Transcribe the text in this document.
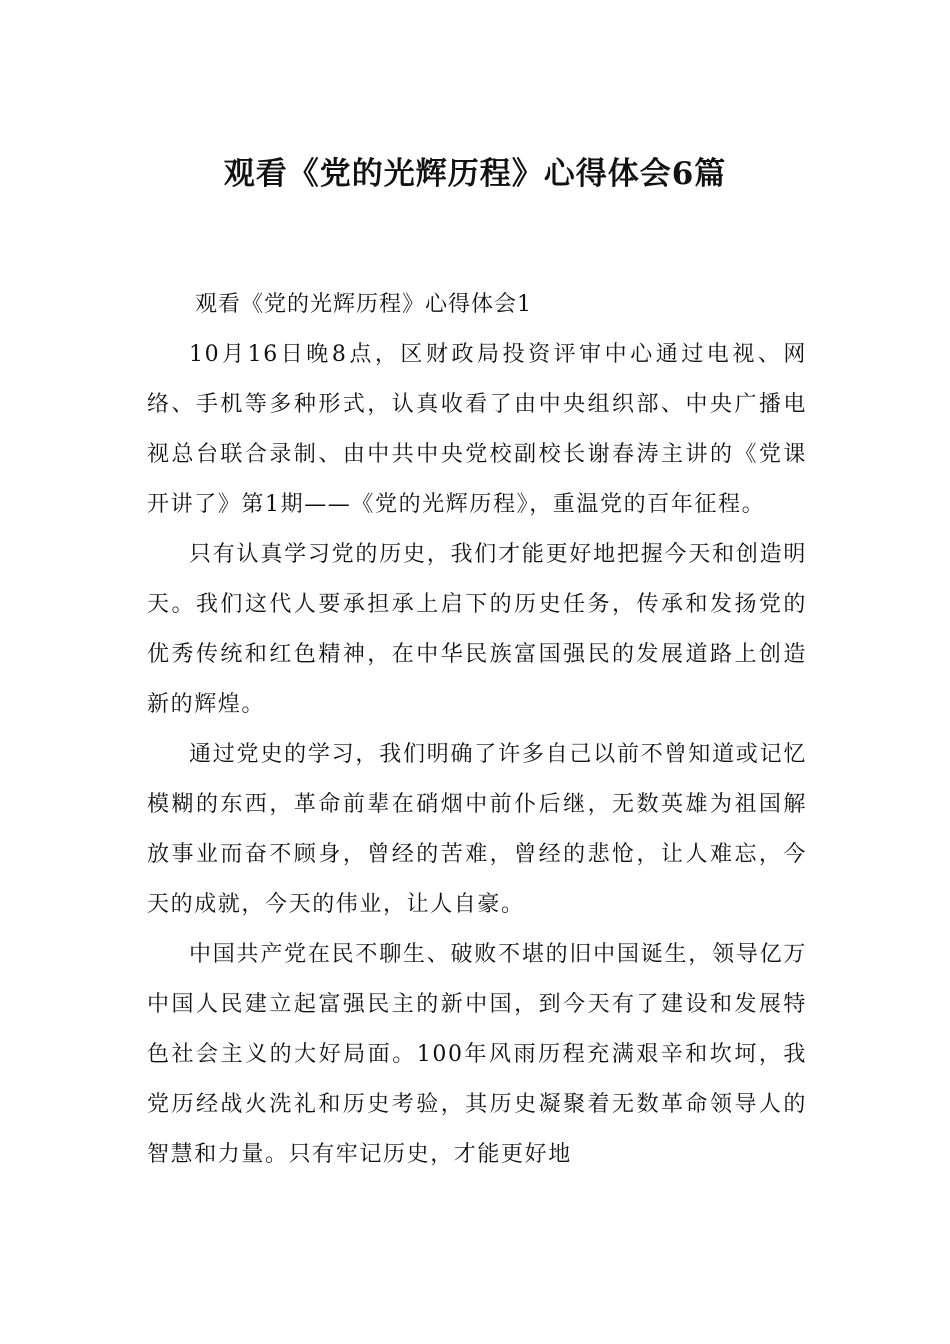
观看《党的光辉历程》心得体会6篇

观看《党的光辉历程》心得体会1

10月16日晚8点，区财政局投资评审中心通过电视、网络、手机等多种形式，认真收看了由中央组织部、中央广播电视总台联合录制、由中共中央党校副校长谢春涛主讲的《党课开讲了》第1期——《党的光辉历程》，重温党的百年征程。

只有认真学习党的历史，我们才能更好地把握今天和创造明天。我们这代人要承担承上启下的历史任务，传承和发扬党的优秀传统和红色精神，在中华民族富国强民的发展道路上创造新的辉煌。

通过党史的学习，我们明确了许多自己以前不曾知道或记忆模糊的东西，革命前辈在硝烟中前仆后继，无数英雄为祖国解放事业而奋不顾身，曾经的苦难，曾经的悲怆，让人难忘，今天的成就，今天的伟业，让人自豪。

中国共产党在民不聊生、破败不堪的旧中国诞生，领导亿万中国人民建立起富强民主的新中国，到今天有了建设和发展特色社会主义的大好局面。100年风雨历程充满艰辛和坎坷，我党历经战火洗礼和历史考验，其历史凝聚着无数革命领导人的智慧和力量。只有牢记历史，才能更好地
